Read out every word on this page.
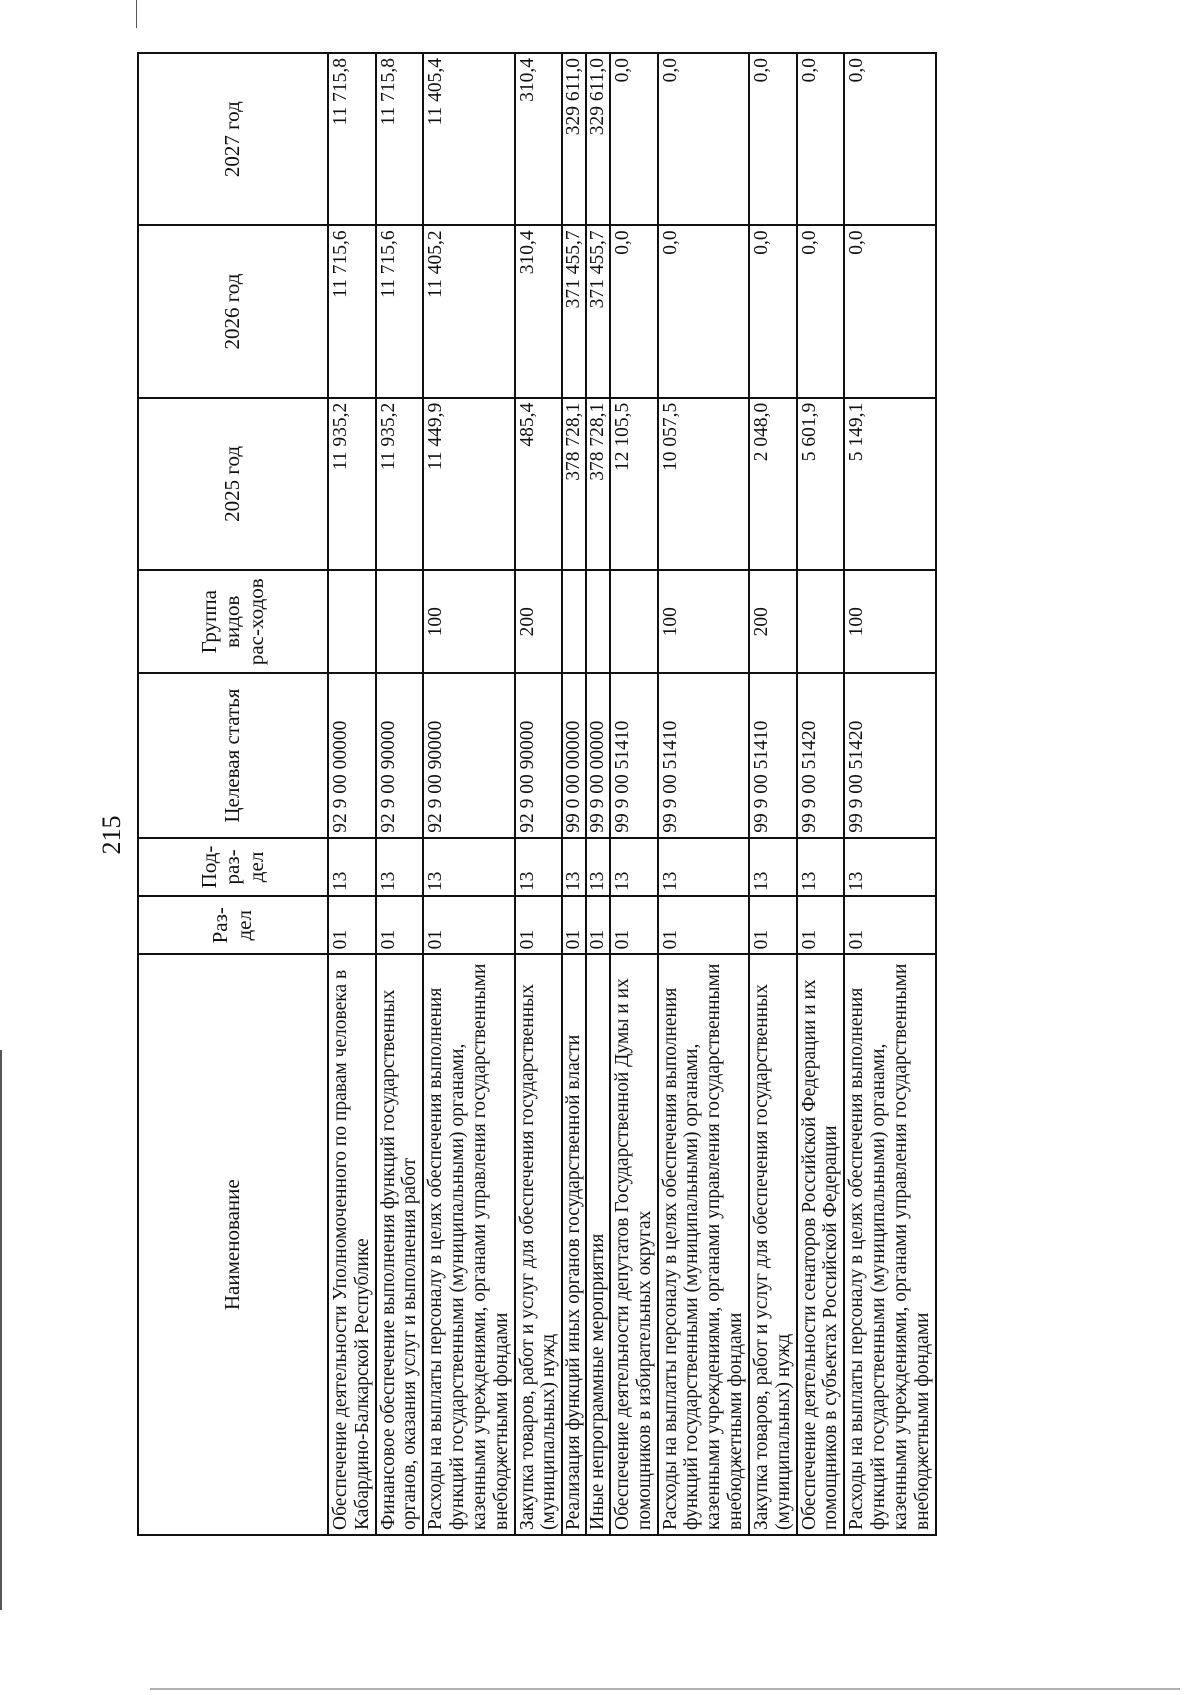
215
Наименование	Раз-дел	Под-раз-дел	Целевая статья	Группа видов рас-ходов	2025 год	2026 год	2027 год
Обеспечение деятельности Уполномоченного по правам человека в Кабардино-Балкарской Республике	01	13	92 9 00 00000		11 935,2	11 715,6	11 715,8
Финансовое обеспечение выполнения функций государственных органов, оказания услуг и выполнения работ	01	13	92 9 00 90000		11 935,2	11 715,6	11 715,8
Расходы на выплаты персоналу в целях обеспечения выполнения функций государственными (муниципальными) органами, казенными учреждениями, органами управления государственными внебюджетными фондами	01	13	92 9 00 90000	100	11 449,9	11 405,2	11 405,4
Закупка товаров, работ и услуг для обеспечения государственных (муниципальных) нужд	01	13	92 9 00 90000	200	485,4	310,4	310,4
Реализация функций иных органов государственной власти	01	13	99 0 00 00000		378 728,1	371 455,7	329 611,0
Иные непрограммные мероприятия	01	13	99 9 00 00000		378 728,1	371 455,7	329 611,0
Обеспечение деятельности депутатов Государственной Думы и их помощников в избирательных округах	01	13	99 9 00 51410		12 105,5	0,0	0,0
Расходы на выплаты персоналу в целях обеспечения выполнения функций государственными (муниципальными) органами, казенными учреждениями, органами управления государственными внебюджетными фондами	01	13	99 9 00 51410	100	10 057,5	0,0	0,0
Закупка товаров, работ и услуг для обеспечения государственных (муниципальных) нужд	01	13	99 9 00 51410	200	2 048,0	0,0	0,0
Обеспечение деятельности сенаторов Российской Федерации и их помощников в субъектах Российской Федерации	01	13	99 9 00 51420		5 601,9	0,0	0,0
Расходы на выплаты персоналу в целях обеспечения выполнения функций государственными (муниципальными) органами, казенными учреждениями, органами управления государственными внебюджетными фондами	01	13	99 9 00 51420	100	5 149,1	0,0	0,0
